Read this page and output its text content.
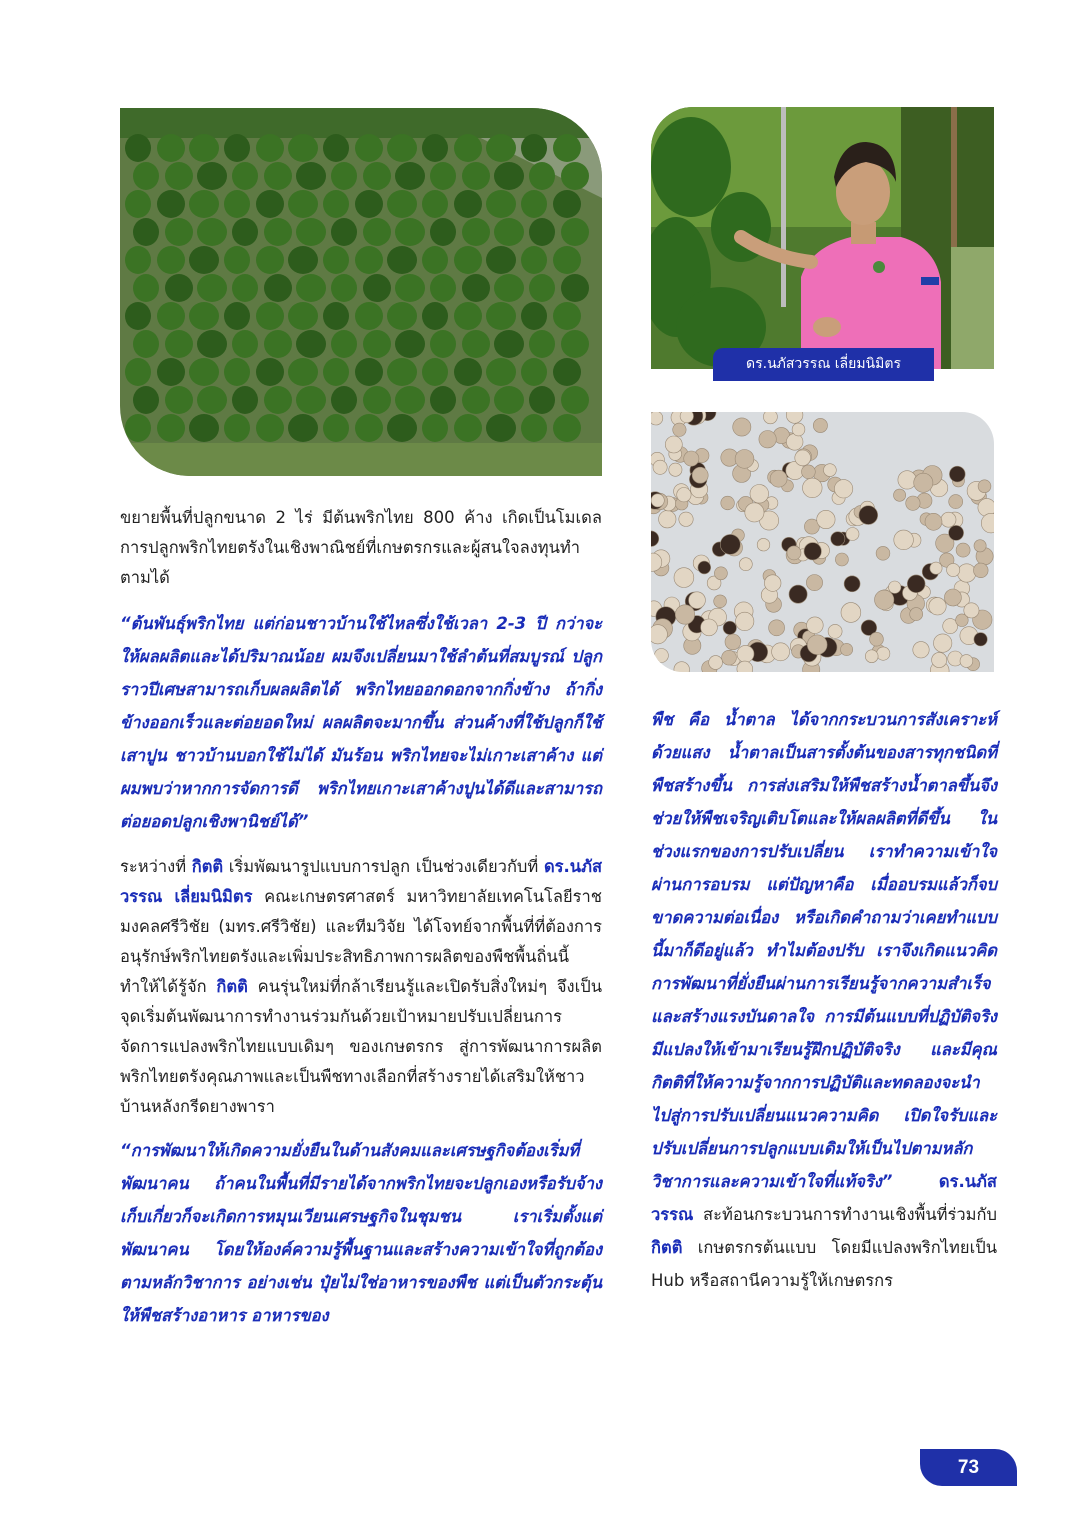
ดร.นภัสวรรณ เลี่ยมนิมิตร

ขยายพื้นที่ปลูกขนาด 2 ไร่ มีต้นพริกไทย 800 ค้าง เกิดเป็นโมเดลการปลูกพริกไทยตรังในเชิงพาณิชย์ที่เกษตรกรและผู้สนใจลงทุนทำตามได้

“ต้นพันธุ์พริกไทย แต่ก่อนชาวบ้านใช้ไหลซึ่งใช้เวลา 2-3 ปี กว่าจะให้ผลผลิตและได้ปริมาณน้อย ผมจึงเปลี่ยนมาใช้ลำต้นที่สมบูรณ์ ปลูกราวปีเศษสามารถเก็บผลผลิตได้ พริกไทยออกดอกจากกิ่งข้าง ถ้ากิ่งข้างออกเร็วและต่อยอดใหม่ ผลผลิตจะมากขึ้น ส่วนค้างที่ใช้ปลูกก็ใช้เสาปูน ชาวบ้านบอกใช้ไม่ได้ มันร้อน พริกไทยจะไม่เกาะเสาค้าง แต่ผมพบว่าหากการจัดการดี พริกไทยเกาะเสาค้างปูนได้ดีและสามารถต่อยอดปลูกเชิงพานิชย์ได้”

ระหว่างที่ กิตติ เริ่มพัฒนารูปแบบการปลูก เป็นช่วงเดียวกับที่ ดร.นภัสวรรณ เลี่ยมนิมิตร คณะเกษตรศาสตร์ มหาวิทยาลัยเทคโนโลยีราชมงคลศรีวิชัย (มทร.ศรีวิชัย) และทีมวิจัย ได้โจทย์จากพื้นที่ที่ต้องการอนุรักษ์พริกไทยตรังและเพิ่มประสิทธิภาพการผลิตของพืชพื้นถิ่นนี้ ทำให้ได้รู้จัก กิตติ คนรุ่นใหม่ที่กล้าเรียนรู้และเปิดรับสิ่งใหม่ๆ จึงเป็นจุดเริ่มต้นพัฒนาการทำงานร่วมกันด้วยเป้าหมายปรับเปลี่ยนการจัดการแปลงพริกไทยแบบเดิมๆ ของเกษตรกร สู่การพัฒนาการผลิตพริกไทยตรังคุณภาพและเป็นพืชทางเลือกที่สร้างรายได้เสริมให้ชาวบ้านหลังกรีดยางพารา

“การพัฒนาให้เกิดความยั่งยืนในด้านสังคมและเศรษฐกิจต้องเริ่มที่พัฒนาคน ถ้าคนในพื้นที่มีรายได้จากพริกไทยจะปลูกเองหรือรับจ้างเก็บเกี่ยวก็จะเกิดการหมุนเวียนเศรษฐกิจในชุมชน เราเริ่มตั้งแต่พัฒนาคน โดยให้องค์ความรู้พื้นฐานและสร้างความเข้าใจที่ถูกต้องตามหลักวิชาการ อย่างเช่น ปุ๋ยไม่ใช่อาหารของพืช แต่เป็นตัวกระตุ้นให้พืชสร้างอาหาร อาหารของ

พืช คือ น้ำตาล ได้จากกระบวนการสังเคราะห์ด้วยแสง น้ำตาลเป็นสารตั้งต้นของสารทุกชนิดที่พืชสร้างขึ้น การส่งเสริมให้พืชสร้างน้ำตาลขึ้นจึงช่วยให้พืชเจริญเติบโตและให้ผลผลิตที่ดีขึ้น ในช่วงแรกของการปรับเปลี่ยน เราทำความเข้าใจผ่านการอบรม แต่ปัญหาคือ เมื่ออบรมแล้วก็จบ ขาดความต่อเนื่อง หรือเกิดคำถามว่าเคยทำแบบนี้มาก็ดีอยู่แล้ว ทำไมต้องปรับ เราจึงเกิดแนวคิดการพัฒนาที่ยั่งยืนผ่านการเรียนรู้จากความสำเร็จและสร้างแรงบันดาลใจ การมีต้นแบบที่ปฏิบัติจริง มีแปลงให้เข้ามาเรียนรู้ฝึกปฏิบัติจริง และมีคุณกิตติที่ให้ความรู้จากการปฏิบัติและทดลองจะนำไปสู่การปรับเปลี่ยนแนวความคิด เปิดใจรับและปรับเปลี่ยนการปลูกแบบเดิมให้เป็นไปตามหลักวิชาการและความเข้าใจที่แท้จริง” ดร.นภัสวรรณ สะท้อนกระบวนการทำงานเชิงพื้นที่ร่วมกับ กิตติ เกษตรกรต้นแบบ โดยมีแปลงพริกไทยเป็น Hub หรือสถานีความรู้ให้เกษตรกร

73
